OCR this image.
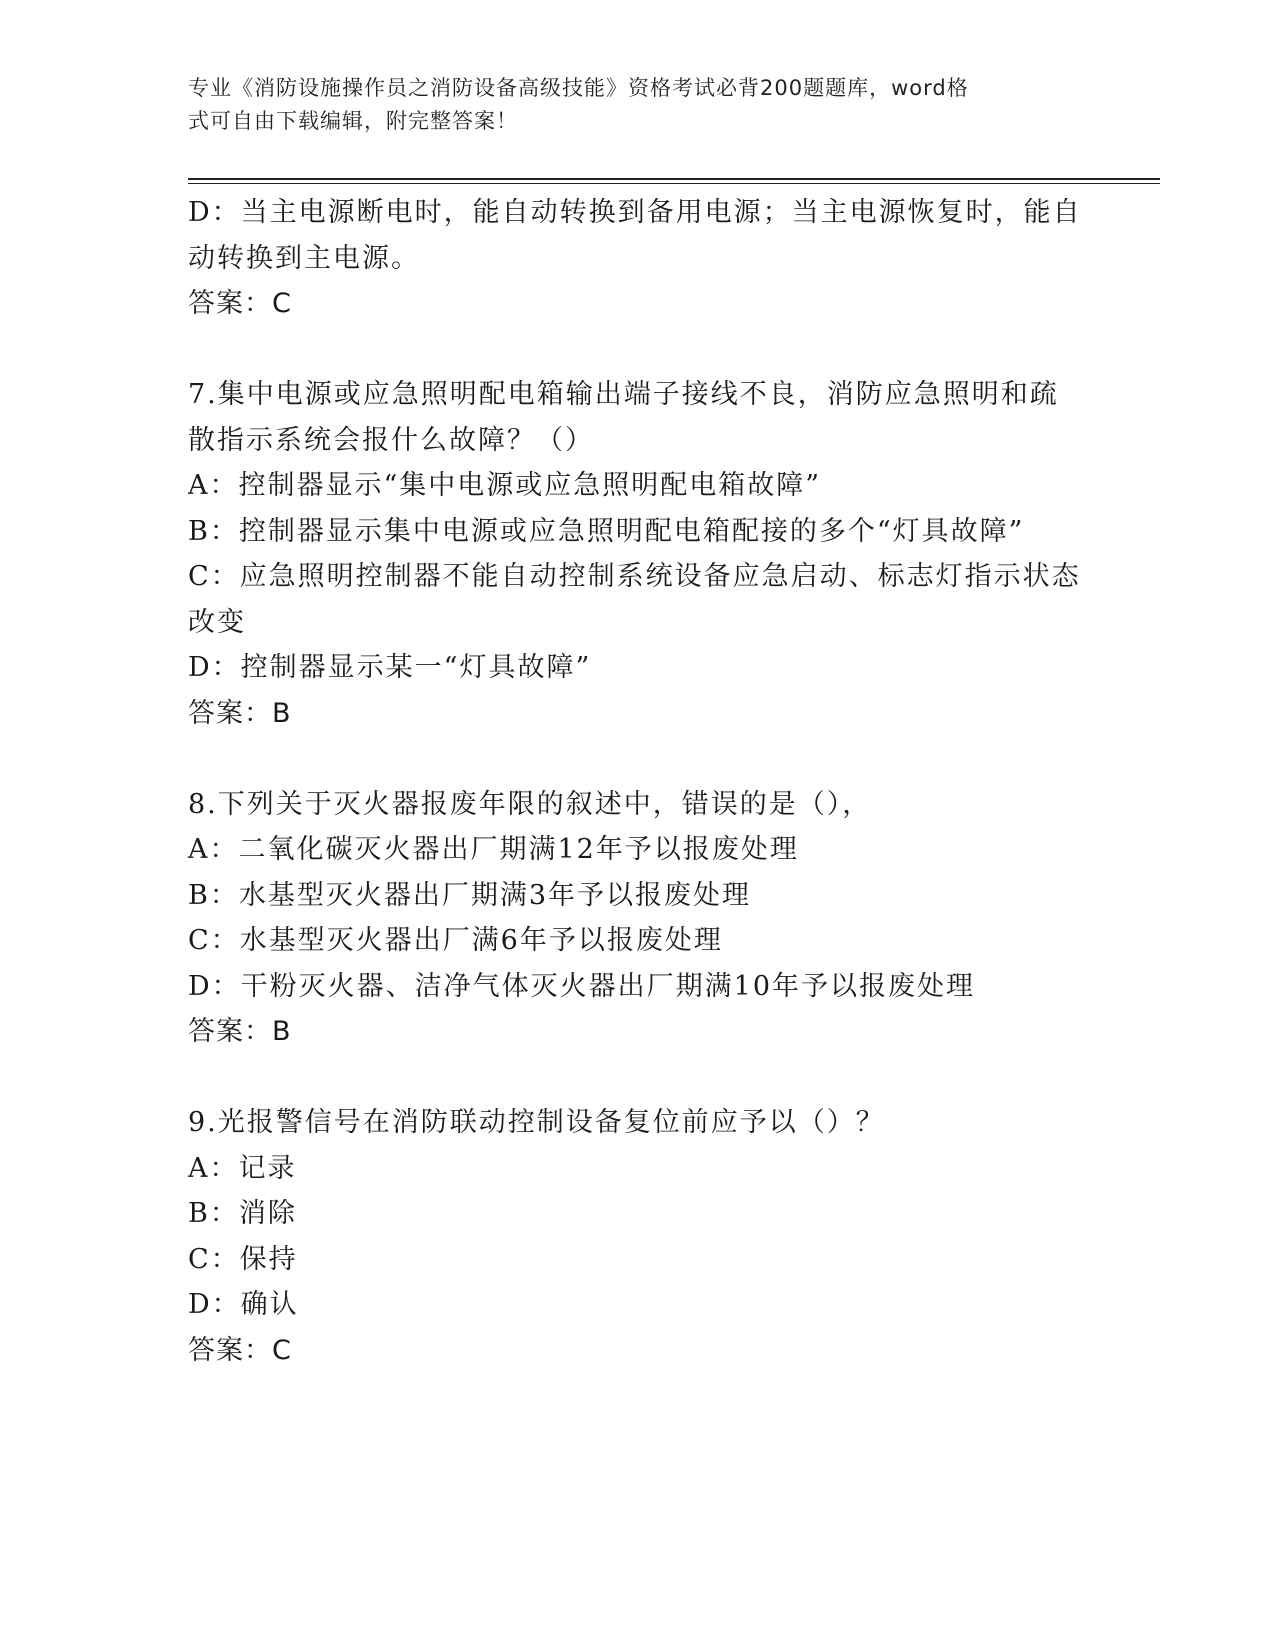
专业《消防设施操作员之消防设备高级技能》资格考试必背200题题库，word格
式可自由下载编辑，附完整答案！
D：当主电源断电时，能自动转换到备用电源；当主电源恢复时，能自
动转换到主电源。
答案：C
7.集中电源或应急照明配电箱输出端子接线不良，消防应急照明和疏
散指示系统会报什么故障？（）
A：控制器显示“集中电源或应急照明配电箱故障”
B：控制器显示集中电源或应急照明配电箱配接的多个“灯具故障”
C：应急照明控制器不能自动控制系统设备应急启动、标志灯指示状态
改变
D：控制器显示某一“灯具故障”
答案：B
8.下列关于灭火器报废年限的叙述中，错误的是（），
A：二氧化碳灭火器出厂期满12年予以报废处理
B：水基型灭火器出厂期满3年予以报废处理
C：水基型灭火器出厂满6年予以报废处理
D：干粉灭火器、洁净气体灭火器出厂期满10年予以报废处理
答案：B
9.光报警信号在消防联动控制设备复位前应予以（）？
A：记录
B：消除
C：保持
D：确认
答案：C
